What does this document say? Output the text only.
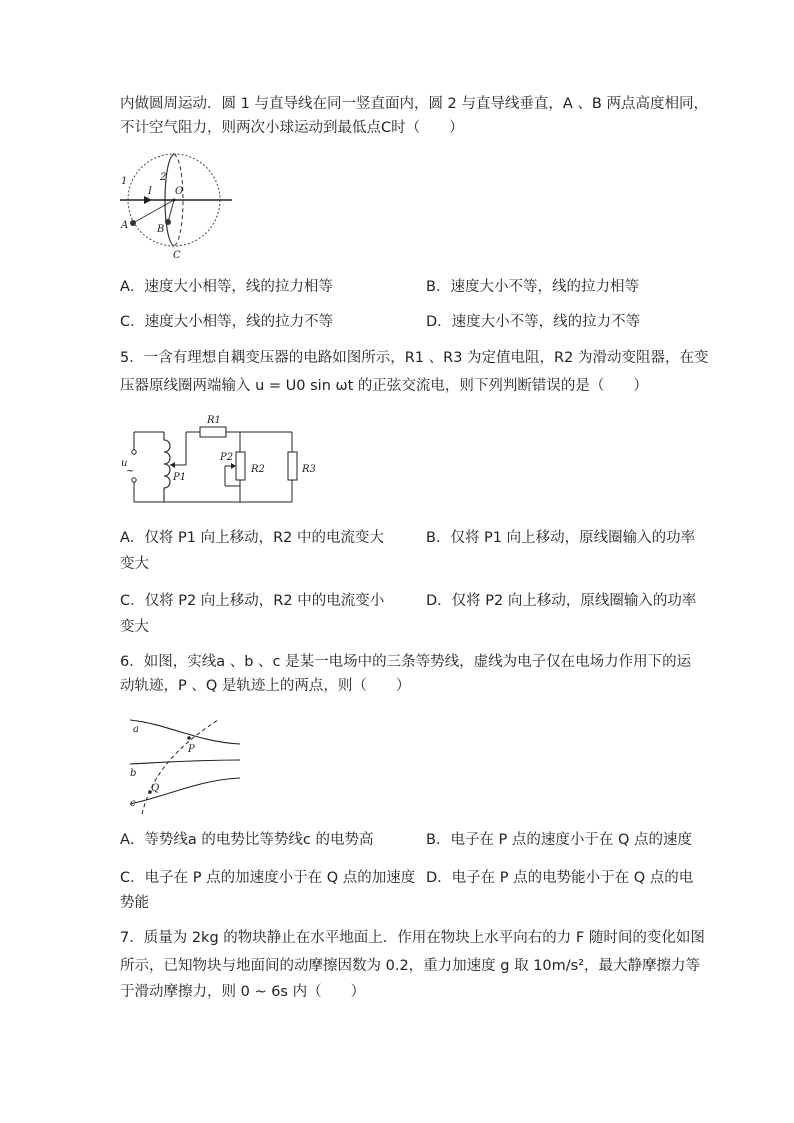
内做圆周运动．圆 1 与直导线在同一竖直面内，圆 2 与直导线垂直，A 、B 两点高度相同，
不计空气阻力，则两次小球运动到最低点C时（　　）
1	2
I O
A	B
C
A．速度大小相等，线的拉力相等	B．速度大小不等，线的拉力相等
C．速度大小相等，线的拉力不等	D．速度大小不等，线的拉力不等
5．一含有理想自耦变压器的电路如图所示，R1 、R3 为定值电阻，R2 为滑动变阻器，在变
压器原线圈两端输入 u = U0 sin ωt 的正弦交流电，则下列判断错误的是（　　）
R1
R2	R3
P1
P2
u
~
A．仅将 P1 向上移动，R2 中的电流变大	B．仅将 P1 向上移动，原线圈输入的功率
变大
C．仅将 P2 向上移动，R2 中的电流变小	D．仅将 P2 向上移动，原线圈输入的功率
变大
6．如图，实线a 、b 、c 是某一电场中的三条等势线，虚线为电子仅在电场力作用下的运
动轨迹，P 、Q 是轨迹上的两点，则（　　）
a
b
c
P
Q
A．等势线a 的电势比等势线c 的电势高	B．电子在 P 点的速度小于在 Q 点的速度
C．电子在 P 点的加速度小于在 Q 点的加速度 D．电子在 P 点的电势能小于在 Q 点的电
势能
7．质量为 2kg 的物块静止在水平地面上．作用在物块上水平向右的力 F 随时间的变化如图
所示，已知物块与地面间的动摩擦因数为 0.2，重力加速度 g 取 10m/s²，最大静摩擦力等
于滑动摩擦力，则 0 ~ 6s 内（　　）
